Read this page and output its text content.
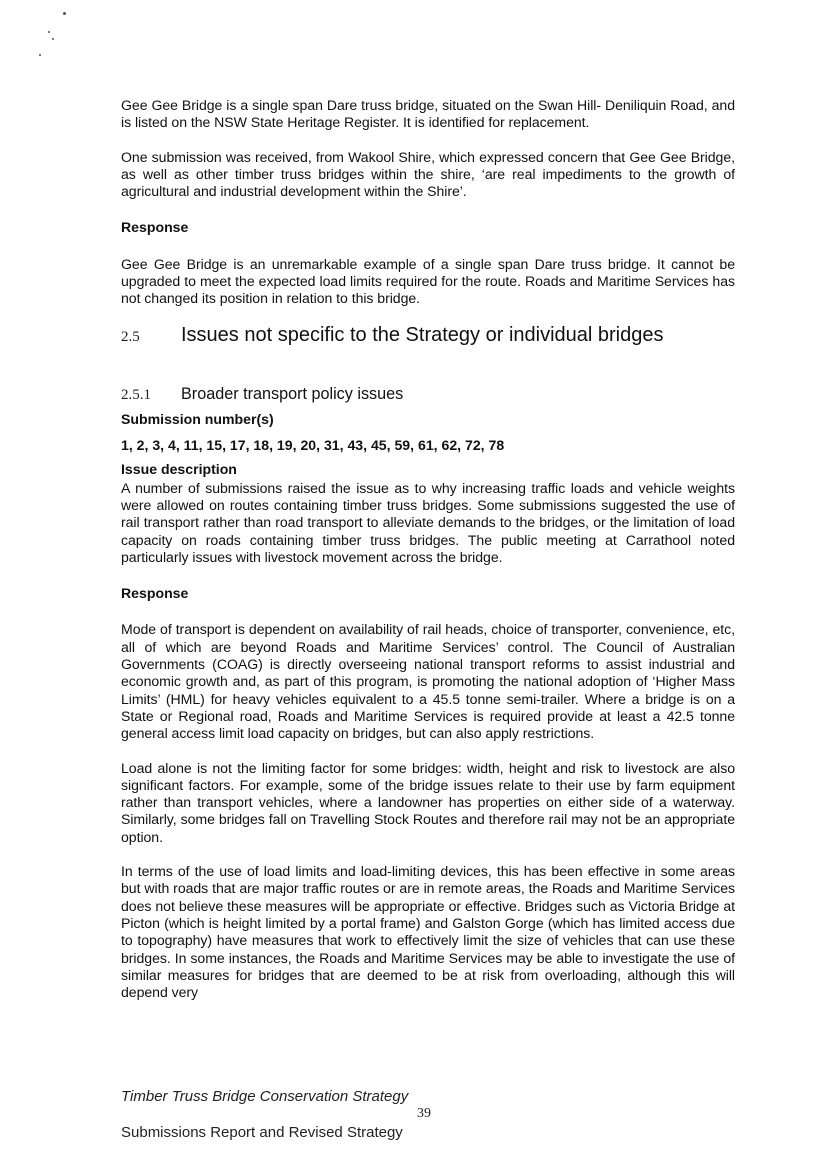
Gee Gee Bridge is a single span Dare truss bridge, situated on the Swan Hill- Deniliquin Road, and is listed on the NSW State Heritage Register. It is identified for replacement.

One submission was received, from Wakool Shire, which expressed concern that Gee Gee Bridge, as well as other timber truss bridges within the shire, ‘are real impediments to the growth of agricultural and industrial development within the Shire’.

Response

Gee Gee Bridge is an unremarkable example of a single span Dare truss bridge. It cannot be upgraded to meet the expected load limits required for the route. Roads and Maritime Services has not changed its position in relation to this bridge.

2.5	Issues not specific to the Strategy or individual bridges
2.5.1	Broader transport policy issues

Submission number(s)

1, 2, 3, 4, 11, 15, 17, 18, 19, 20, 31, 43, 45, 59, 61, 62, 72, 78

Issue description

A number of submissions raised the issue as to why increasing traffic loads and vehicle weights were allowed on routes containing timber truss bridges. Some submissions suggested the use of rail transport rather than road transport to alleviate demands to the bridges, or the limitation of load capacity on roads containing timber truss bridges. The public meeting at Carrathool noted particularly issues with livestock movement across the bridge.

Response

Mode of transport is dependent on availability of rail heads, choice of transporter, convenience, etc, all of which are beyond Roads and Maritime Services’ control. The Council of Australian Governments (COAG) is directly overseeing national transport reforms to assist industrial and economic growth and, as part of this program, is promoting the national adoption of ‘Higher Mass Limits’ (HML) for heavy vehicles equivalent to a 45.5 tonne semi-trailer. Where a bridge is on a State or Regional road, Roads and Maritime Services is required provide at least a 42.5 tonne general access limit load capacity on bridges, but can also apply restrictions.

Load alone is not the limiting factor for some bridges: width, height and risk to livestock are also significant factors. For example, some of the bridge issues relate to their use by farm equipment rather than transport vehicles, where a landowner has properties on either side of a waterway. Similarly, some bridges fall on Travelling Stock Routes and therefore rail may not be an appropriate option.

In terms of the use of load limits and load-limiting devices, this has been effective in some areas but with roads that are major traffic routes or are in remote areas, the Roads and Maritime Services does not believe these measures will be appropriate or effective. Bridges such as Victoria Bridge at Picton (which is height limited by a portal frame) and Galston Gorge (which has limited access due to topography) have measures that work to effectively limit the size of vehicles that can use these bridges. In some instances, the Roads and Maritime Services may be able to investigate the use of similar measures for bridges that are deemed to be at risk from overloading, although this will depend very

Timber Truss Bridge Conservation Strategy
39
Submissions Report and Revised Strategy
